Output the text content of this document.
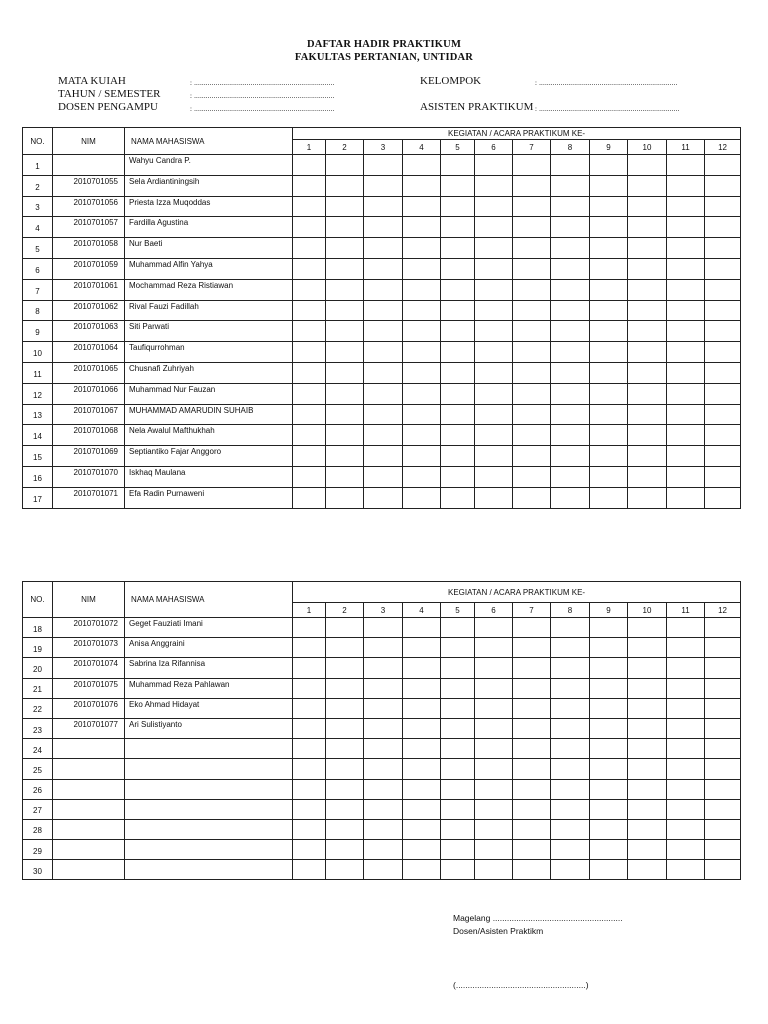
DAFTAR HADIR PRAKTIKUM
FAKULTAS PERTANIAN, UNTIDAR
MATA KUIAH	: ........................................................................
TAHUN / SEMESTER	: ........................................................................
DOSEN PENGAMPU	: ........................................................................
KELOMPOK	: .......................................................................
ASISTEN PRAKTIKUM : ........................................................................
NO.	NIM	NAMA MAHASISWA	KEGIATAN / ACARA PRAKTIKUM KE-											
			1	2	3	4	5	6	7	8	9	10	11	12
1		Wahyu Candra P.												
2	2010701055	Sela Ardiantiningsih												
3	2010701056	Priesta Izza Muqoddas												
4	2010701057	Fardilla Agustina												
5	2010701058	Nur Baeti												
6	2010701059	Muhammad Alfin Yahya												
7	2010701061	Mochammad Reza Ristiawan												
8	2010701062	Rival Fauzi Fadillah												
9	2010701063	Siti Parwati												
10	2010701064	Taufiqurrohman												
11	2010701065	Chusnafi Zuhriyah												
12	2010701066	Muhammad Nur Fauzan												
13	2010701067	MUHAMMAD AMARUDIN SUHAIB												
14	2010701068	Nela Awalul Mafthukhah												
15	2010701069	Septiantiko Fajar Anggoro												
16	2010701070	Iskhaq Maulana												
17	2010701071	Efa Radin Purnaweni												
NO.	NIM	NAMA MAHASISWA	KEGIATAN / ACARA PRAKTIKUM KE-											
			1	2	3	4	5	6	7	8	9	10	11	12
18	2010701072	Geget Fauziati Imani												
19	2010701073	Anisa Anggraini												
20	2010701074	Sabrina Iza Rifannisa												
21	2010701075	Muhammad Reza Pahlawan												
22	2010701076	Eko Ahmad Hidayat												
23	2010701077	Ari Sulistiyanto												
24														
25														
26														
27														
28														
29														
30														
Magelang .......................................................
Dosen/Asisten Praktikm
(.......................................................)
